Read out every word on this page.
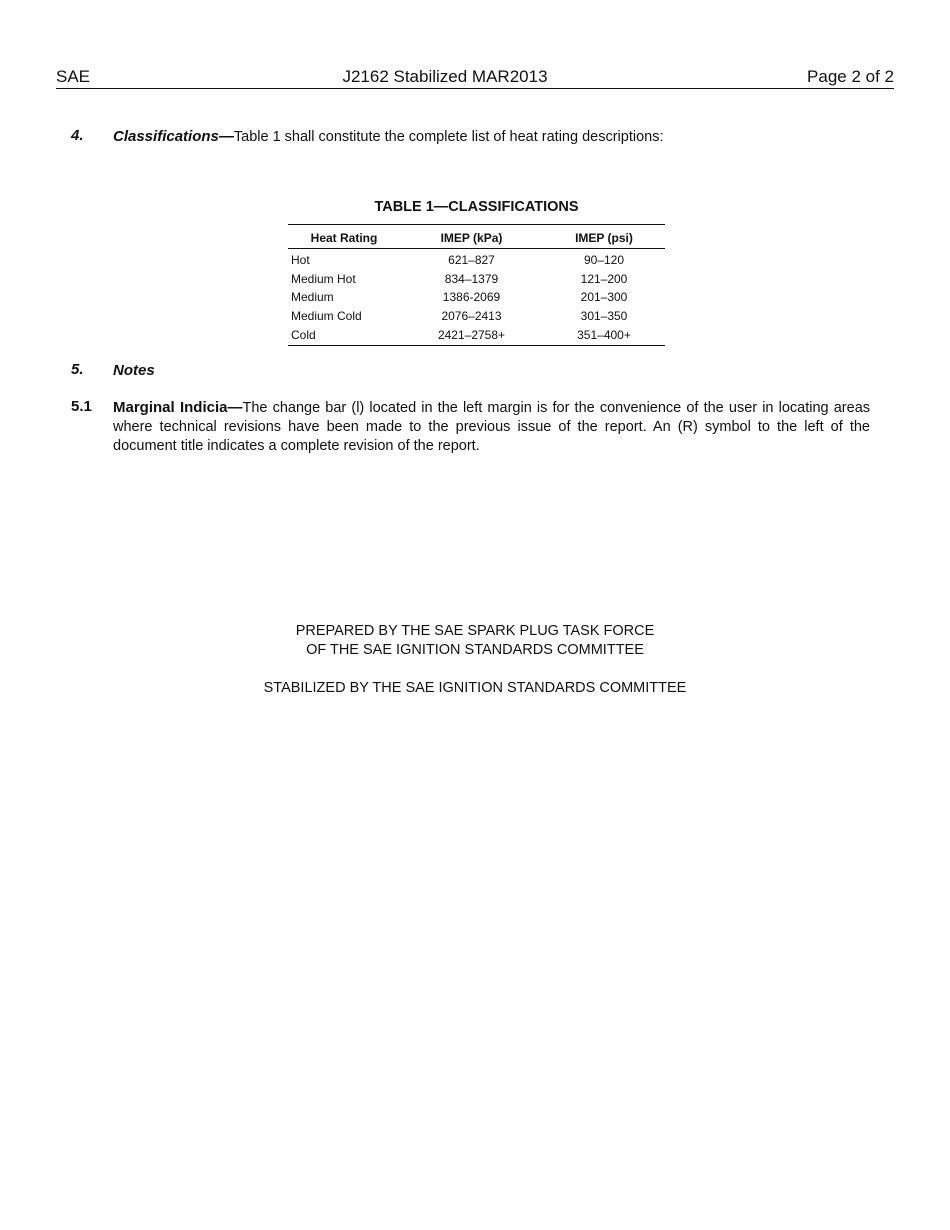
SAE	J2162 Stabilized MAR2013	Page 2 of 2
4. Classifications—Table 1 shall constitute the complete list of heat rating descriptions:
TABLE 1—CLASSIFICATIONS
Heat Rating	IMEP (kPa)	IMEP (psi)
Hot	621–827	90–120
Medium Hot	834–1379	121–200
Medium	1386-2069	201–300
Medium Cold	2076–2413	301–350
Cold	2421–2758+	351–400+
5. Notes
5.1 Marginal Indicia—The change bar (l) located in the left margin is for the convenience of the user in locating areas where technical revisions have been made to the previous issue of the report. An (R) symbol to the left of the document title indicates a complete revision of the report.
PREPARED BY THE SAE SPARK PLUG TASK FORCE
OF THE SAE IGNITION STANDARDS COMMITTEE
STABILIZED BY THE SAE IGNITION STANDARDS COMMITTEE
